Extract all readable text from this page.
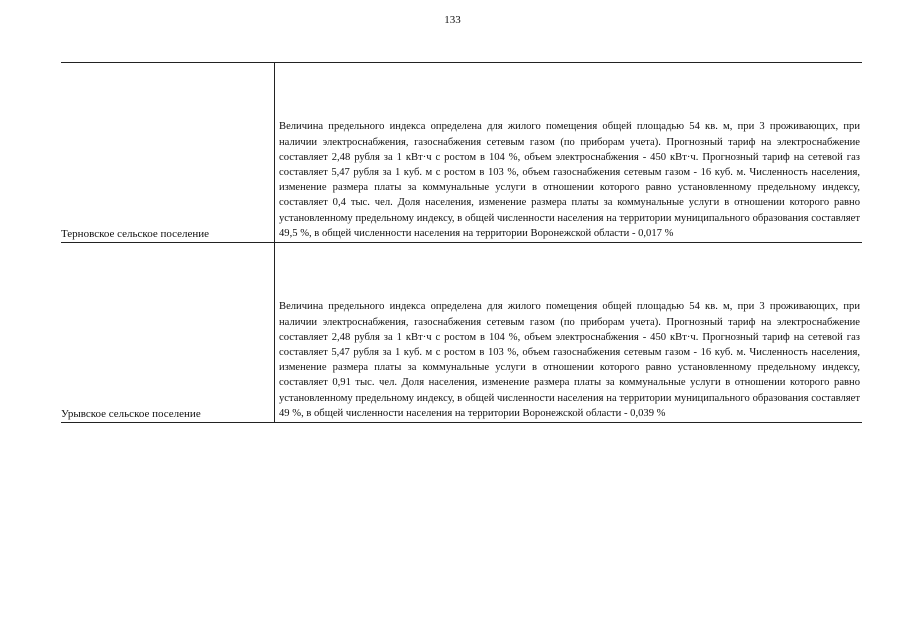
133
Терновское сельское поселение	Величина предельного индекса определена для жилого помещения общей площадью 54 кв. м, при 3 проживающих, при наличии электроснабжения, газоснабжения сетевым газом (по приборам учета). Прогнозный тариф на электроснабжение составляет 2,48 рубля за 1 кВт·ч с ростом в 104 %, объем электроснабжения - 450 кВт·ч. Прогнозный тариф на сетевой газ составляет 5,47 рубля за 1 куб. м с ростом в 103 %, объем газоснабжения сетевым газом - 16 куб. м. Численность населения, изменение размера платы за коммунальные услуги в отношении которого равно установленному предельному индексу, составляет 0,4 тыс. чел. Доля населения, изменение размера платы за коммунальные услуги в отношении которого равно установленному предельному индексу, в общей численности населения на территории муниципального образования составляет 49,5 %, в общей численности населения на территории Воронежской области - 0,017 %
Урывское сельское поселение	Величина предельного индекса определена для жилого помещения общей площадью 54 кв. м, при 3 проживающих, при наличии электроснабжения, газоснабжения сетевым газом (по приборам учета). Прогнозный тариф на электроснабжение составляет 2,48 рубля за 1 кВт·ч с ростом в 104 %, объем электроснабжения - 450 кВт·ч. Прогнозный тариф на сетевой газ составляет 5,47 рубля за 1 куб. м с ростом в 103 %, объем газоснабжения сетевым газом - 16 куб. м. Численность населения, изменение размера платы за коммунальные услуги в отношении которого равно установленному предельному индексу, составляет 0,91 тыс. чел. Доля населения, изменение размера платы за коммунальные услуги в отношении которого равно установленному предельному индексу, в общей численности населения на территории муниципального образования составляет 49 %, в общей численности населения на территории Воронежской области - 0,039 %
